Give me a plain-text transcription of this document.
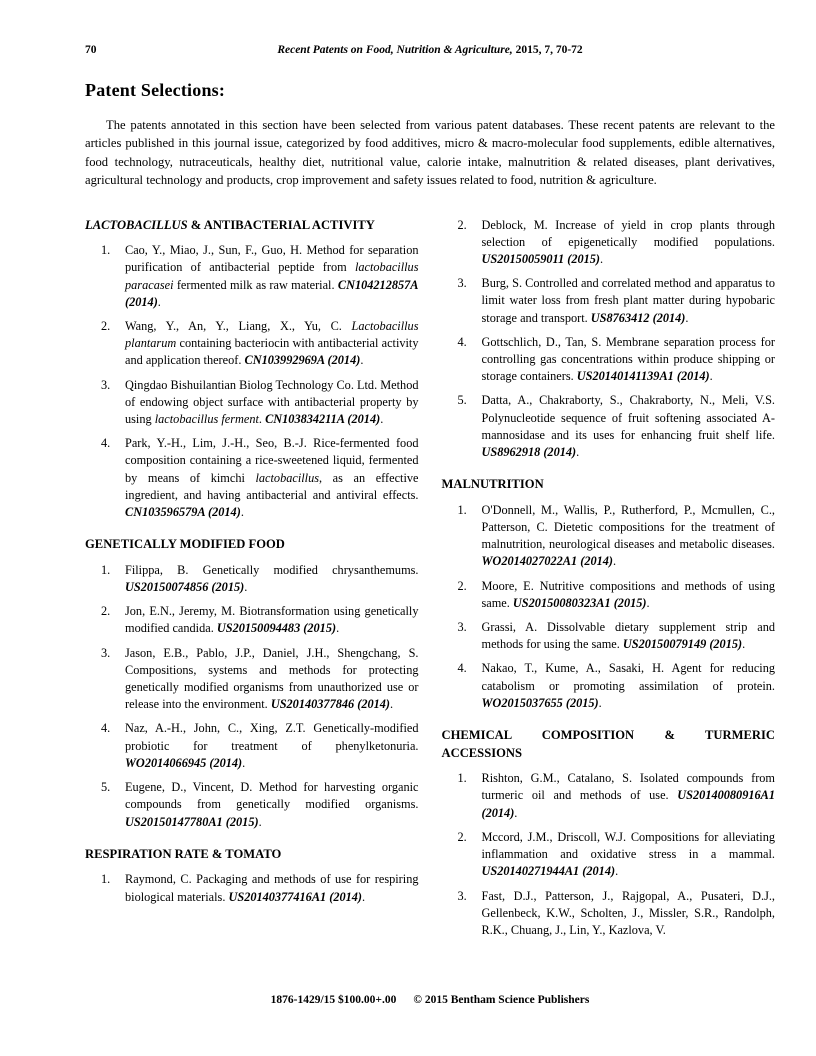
70	Recent Patents on Food, Nutrition & Agriculture, 2015, 7, 70-72
Patent Selections:

The patents annotated in this section have been selected from various patent databases. These recent patents are relevant to the articles published in this journal issue, categorized by food additives, micro & macro-molecular food supplements, edible alternatives, food technology, nutraceuticals, healthy diet, nutritional value, calorie intake, malnutrition & related diseases, plant derivatives, agricultural technology and products, crop improvement and safety issues related to food, nutrition & agriculture.

LACTOBACILLUS & ANTIBACTERIAL ACTIVITY
Cao, Y., Miao, J., Sun, F., Guo, H. Method for separation purification of antibacterial peptide from lactobacillus paracasei fermented milk as raw material. CN104212857A (2014).
Wang, Y., An, Y., Liang, X., Yu, C. Lactobacillus plantarum containing bacteriocin with antibacterial activity and application thereof. CN103992969A (2014).
Qingdao Bishuilantian Biolog Technology Co. Ltd. Method of endowing object surface with antibacterial property by using lactobacillus ferment. CN103834211A (2014).
Park, Y.-H., Lim, J.-H., Seo, B.-J. Rice-fermented food composition containing a rice-sweetened liquid, fermented by means of kimchi lactobacillus, as an effective ingredient, and having antibacterial and antiviral effects. CN103596579A (2014).
GENETICALLY MODIFIED FOOD
Filippa, B. Genetically modified chrysanthemums. US20150074856 (2015).
Jon, E.N., Jeremy, M. Biotransformation using genetically modified candida. US20150094483 (2015).
Jason, E.B., Pablo, J.P., Daniel, J.H., Shengchang, S. Compositions, systems and methods for protecting genetically modified organisms from unauthorized use or release into the environment. US20140377846 (2014).
Naz, A.-H., John, C., Xing, Z.T. Genetically-modified probiotic for treatment of phenylketonuria. WO2014066945 (2014).
Eugene, D., Vincent, D. Method for harvesting organic compounds from genetically modified organisms. US20150147780A1 (2015).
RESPIRATION RATE & TOMATO
Raymond, C. Packaging and methods of use for respiring biological materials. US20140377416A1 (2014).
Deblock, M. Increase of yield in crop plants through selection of epigenetically modified populations. US20150059011 (2015).
Burg, S. Controlled and correlated method and apparatus to limit water loss from fresh plant matter during hypobaric storage and transport. US8763412 (2014).
Gottschlich, D., Tan, S. Membrane separation process for controlling gas concentrations within produce shipping or storage containers. US20140141139A1 (2014).
Datta, A., Chakraborty, S., Chakraborty, N., Meli, V.S. Polynucleotide sequence of fruit softening associated A-mannosidase and its uses for enhancing fruit shelf life. US8962918 (2014).
MALNUTRITION
O'Donnell, M., Wallis, P., Rutherford, P., Mcmullen, C., Patterson, C. Dietetic compositions for the treatment of malnutrition, neurological diseases and metabolic diseases. WO2014027022A1 (2014).
Moore, E. Nutritive compositions and methods of using same. US20150080323A1 (2015).
Grassi, A. Dissolvable dietary supplement strip and methods for using the same. US20150079149 (2015).
Nakao, T., Kume, A., Sasaki, H. Agent for reducing catabolism or promoting assimilation of protein. WO2015037655 (2015).
CHEMICAL COMPOSITION & TURMERIC ACCESSIONS
Rishton, G.M., Catalano, S. Isolated compounds from turmeric oil and methods of use. US20140080916A1 (2014).
Mccord, J.M., Driscoll, W.J. Compositions for alleviating inflammation and oxidative stress in a mammal. US20140271944A1 (2014).
Fast, D.J., Patterson, J., Rajgopal, A., Pusateri, D.J., Gellenbeck, K.W., Scholten, J., Missler, S.R., Randolph, R.K., Chuang, J., Lin, Y., Kazlova, V.
1876-1429/15 $100.00+.00 © 2015 Bentham Science Publishers
